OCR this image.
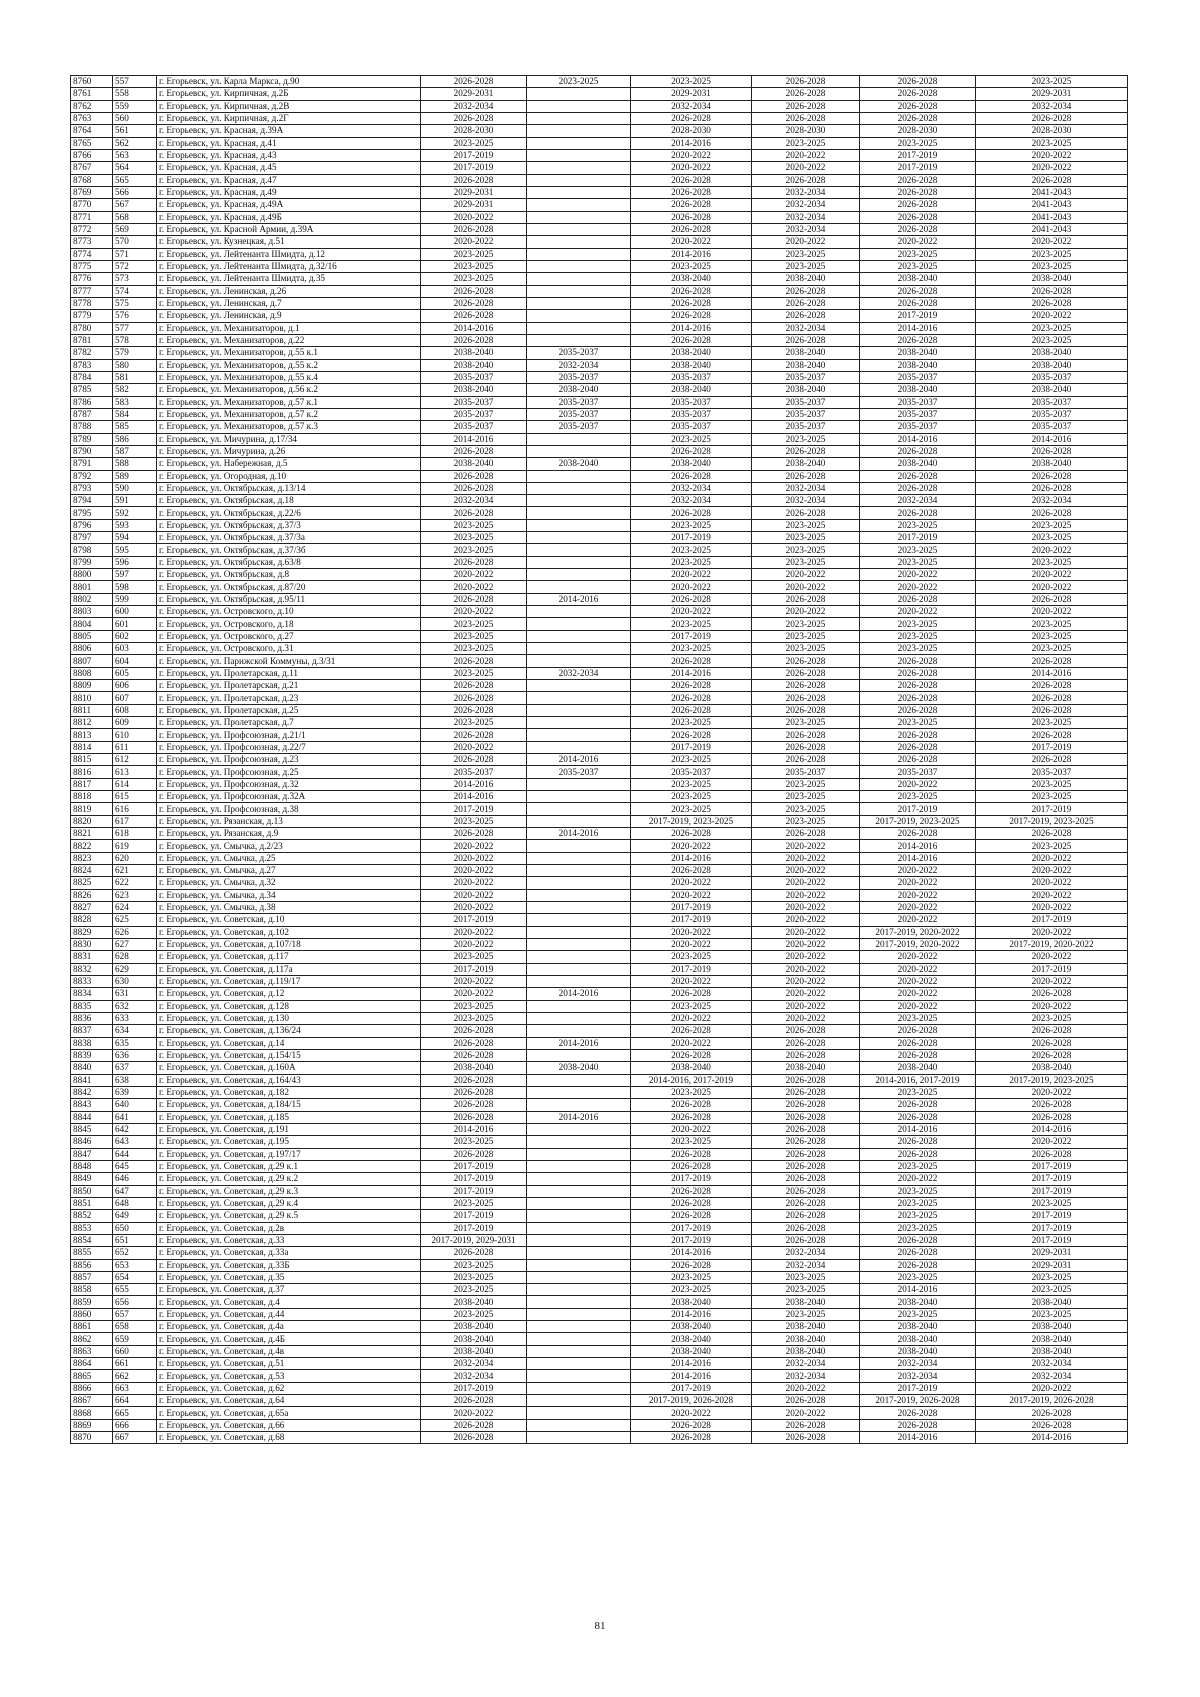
8760	557	г. Егорьевск, ул. Карла Маркса, д.90	2026-2028	2023-2025	2023-2025	2026-2028	2026-2028	2023-2025
8761	558	г. Егорьевск, ул. Кирпичная, д.2Б	2029-2031		2029-2031	2026-2028	2026-2028	2029-2031
8762	559	г. Егорьевск, ул. Кирпичная, д.2В	2032-2034		2032-2034	2026-2028	2026-2028	2032-2034
8763	560	г. Егорьевск, ул. Кирпичная, д.2Г	2026-2028		2026-2028	2026-2028	2026-2028	2026-2028
8764	561	г. Егорьевск, ул. Красная, д.39А	2028-2030		2028-2030	2028-2030	2028-2030	2028-2030
8765	562	г. Егорьевск, ул. Красная, д.41	2023-2025		2014-2016	2023-2025	2023-2025	2023-2025
8766	563	г. Егорьевск, ул. Красная, д.43	2017-2019		2020-2022	2020-2022	2017-2019	2020-2022
8767	564	г. Егорьевск, ул. Красная, д.45	2017-2019		2020-2022	2020-2022	2017-2019	2020-2022
8768	565	г. Егорьевск, ул. Красная, д.47	2026-2028		2026-2028	2026-2028	2026-2028	2026-2028
8769	566	г. Егорьевск, ул. Красная, д.49	2029-2031		2026-2028	2032-2034	2026-2028	2041-2043
8770	567	г. Егорьевск, ул. Красная, д.49А	2029-2031		2026-2028	2032-2034	2026-2028	2041-2043
8771	568	г. Егорьевск, ул. Красная, д.49Б	2020-2022		2026-2028	2032-2034	2026-2028	2041-2043
8772	569	г. Егорьевск, ул. Красной Армии, д.39А	2026-2028		2026-2028	2032-2034	2026-2028	2041-2043
8773	570	г. Егорьевск, ул. Кузнецкая, д.51	2020-2022		2020-2022	2020-2022	2020-2022	2020-2022
8774	571	г. Егорьевск, ул. Лейтенанта Шмидта, д.12	2023-2025		2014-2016	2023-2025	2023-2025	2023-2025
8775	572	г. Егорьевск, ул. Лейтенанта Шмидта, д.32/16	2023-2025		2023-2025	2023-2025	2023-2025	2023-2025
8776	573	г. Егорьевск, ул. Лейтенанта Шмидта, д.35	2023-2025		2038-2040	2038-2040	2038-2040	2038-2040
8777	574	г. Егорьевск, ул. Ленинская, д.26	2026-2028		2026-2028	2026-2028	2026-2028	2026-2028
8778	575	г. Егорьевск, ул. Ленинская, д.7	2026-2028		2026-2028	2026-2028	2026-2028	2026-2028
8779	576	г. Егорьевск, ул. Ленинская, д.9	2026-2028		2026-2028	2026-2028	2017-2019	2020-2022
8780	577	г. Егорьевск, ул. Механизаторов, д.1	2014-2016		2014-2016	2032-2034	2014-2016	2023-2025
8781	578	г. Егорьевск, ул. Механизаторов, д.22	2026-2028		2026-2028	2026-2028	2026-2028	2023-2025
8782	579	г. Егорьевск, ул. Механизаторов, д.55 к.1	2038-2040	2035-2037	2038-2040	2038-2040	2038-2040	2038-2040
8783	580	г. Егорьевск, ул. Механизаторов, д.55 к.2	2038-2040	2032-2034	2038-2040	2038-2040	2038-2040	2038-2040
8784	581	г. Егорьевск, ул. Механизаторов, д.55 к.4	2035-2037	2035-2037	2035-2037	2035-2037	2035-2037	2035-2037
8785	582	г. Егорьевск, ул. Механизаторов, д.56 к.2	2038-2040	2038-2040	2038-2040	2038-2040	2038-2040	2038-2040
8786	583	г. Егорьевск, ул. Механизаторов, д.57 к.1	2035-2037	2035-2037	2035-2037	2035-2037	2035-2037	2035-2037
8787	584	г. Егорьевск, ул. Механизаторов, д.57 к.2	2035-2037	2035-2037	2035-2037	2035-2037	2035-2037	2035-2037
8788	585	г. Егорьевск, ул. Механизаторов, д.57 к.3	2035-2037	2035-2037	2035-2037	2035-2037	2035-2037	2035-2037
8789	586	г. Егорьевск, ул. Мичурина, д.17/34	2014-2016		2023-2025	2023-2025	2014-2016	2014-2016
8790	587	г. Егорьевск, ул. Мичурина, д.26	2026-2028		2026-2028	2026-2028	2026-2028	2026-2028
8791	588	г. Егорьевск, ул. Набережная, д.5	2038-2040	2038-2040	2038-2040	2038-2040	2038-2040	2038-2040
8792	589	г. Егорьевск, ул. Огородная, д.10	2026-2028		2026-2028	2026-2028	2026-2028	2026-2028
8793	590	г. Егорьевск, ул. Октябрьская, д.13/14	2026-2028		2032-2034	2032-2034	2026-2028	2026-2028
8794	591	г. Егорьевск, ул. Октябрьская, д.18	2032-2034		2032-2034	2032-2034	2032-2034	2032-2034
8795	592	г. Егорьевск, ул. Октябрьская, д.22/6	2026-2028		2026-2028	2026-2028	2026-2028	2026-2028
8796	593	г. Егорьевск, ул. Октябрьская, д.37/3	2023-2025		2023-2025	2023-2025	2023-2025	2023-2025
8797	594	г. Егорьевск, ул. Октябрьская, д.37/3а	2023-2025		2017-2019	2023-2025	2017-2019	2023-2025
8798	595	г. Егорьевск, ул. Октябрьская, д.37/3б	2023-2025		2023-2025	2023-2025	2023-2025	2020-2022
8799	596	г. Егорьевск, ул. Октябрьская, д.63/8	2026-2028		2023-2025	2023-2025	2023-2025	2023-2025
8800	597	г. Егорьевск, ул. Октябрьская, д.8	2020-2022		2020-2022	2020-2022	2020-2022	2020-2022
8801	598	г. Егорьевск, ул. Октябрьская, д.87/20	2020-2022		2020-2022	2020-2022	2020-2022	2020-2022
8802	599	г. Егорьевск, ул. Октябрьская, д.95/11	2026-2028	2014-2016	2026-2028	2026-2028	2026-2028	2026-2028
8803	600	г. Егорьевск, ул. Островского, д.10	2020-2022		2020-2022	2020-2022	2020-2022	2020-2022
8804	601	г. Егорьевск, ул. Островского, д.18	2023-2025		2023-2025	2023-2025	2023-2025	2023-2025
8805	602	г. Егорьевск, ул. Островского, д.27	2023-2025		2017-2019	2023-2025	2023-2025	2023-2025
8806	603	г. Егорьевск, ул. Островского, д.31	2023-2025		2023-2025	2023-2025	2023-2025	2023-2025
8807	604	г. Егорьевск, ул. Парижской Коммуны, д.3/31	2026-2028		2026-2028	2026-2028	2026-2028	2026-2028
8808	605	г. Егорьевск, ул. Пролетарская, д.11	2023-2025	2032-2034	2014-2016	2026-2028	2026-2028	2014-2016
8809	606	г. Егорьевск, ул. Пролетарская, д.21	2026-2028		2026-2028	2026-2028	2026-2028	2026-2028
8810	607	г. Егорьевск, ул. Пролетарская, д.23	2026-2028		2026-2028	2026-2028	2026-2028	2026-2028
8811	608	г. Егорьевск, ул. Пролетарская, д.25	2026-2028		2026-2028	2026-2028	2026-2028	2026-2028
8812	609	г. Егорьевск, ул. Пролетарская, д.7	2023-2025		2023-2025	2023-2025	2023-2025	2023-2025
8813	610	г. Егорьевск, ул. Профсоюзная, д.21/1	2026-2028		2026-2028	2026-2028	2026-2028	2026-2028
8814	611	г. Егорьевск, ул. Профсоюзная, д.22/7	2020-2022		2017-2019	2026-2028	2026-2028	2017-2019
8815	612	г. Егорьевск, ул. Профсоюзная, д.23	2026-2028	2014-2016	2023-2025	2026-2028	2026-2028	2026-2028
8816	613	г. Егорьевск, ул. Профсоюзная, д.25	2035-2037	2035-2037	2035-2037	2035-2037	2035-2037	2035-2037
8817	614	г. Егорьевск, ул. Профсоюзная, д.32	2014-2016		2023-2025	2023-2025	2020-2022	2023-2025
8818	615	г. Егорьевск, ул. Профсоюзная, д.32А	2014-2016		2023-2025	2023-2025	2023-2025	2023-2025
8819	616	г. Егорьевск, ул. Профсоюзная, д.38	2017-2019		2023-2025	2023-2025	2017-2019	2017-2019
8820	617	г. Егорьевск, ул. Рязанская, д.13	2023-2025		2017-2019, 2023-2025	2023-2025	2017-2019, 2023-2025	2017-2019, 2023-2025
8821	618	г. Егорьевск, ул. Рязанская, д.9	2026-2028	2014-2016	2026-2028	2026-2028	2026-2028	2026-2028
8822	619	г. Егорьевск, ул. Смычка, д.2/23	2020-2022		2020-2022	2020-2022	2014-2016	2023-2025
8823	620	г. Егорьевск, ул. Смычка, д.25	2020-2022		2014-2016	2020-2022	2014-2016	2020-2022
8824	621	г. Егорьевск, ул. Смычка, д.27	2020-2022		2026-2028	2020-2022	2020-2022	2020-2022
8825	622	г. Егорьевск, ул. Смычка, д.32	2020-2022		2020-2022	2020-2022	2020-2022	2020-2022
8826	623	г. Егорьевск, ул. Смычка, д.34	2020-2022		2020-2022	2020-2022	2020-2022	2020-2022
8827	624	г. Егорьевск, ул. Смычка, д.38	2020-2022		2017-2019	2020-2022	2020-2022	2020-2022
8828	625	г. Егорьевск, ул. Советская, д.10	2017-2019		2017-2019	2020-2022	2020-2022	2017-2019
8829	626	г. Егорьевск, ул. Советская, д.102	2020-2022		2020-2022	2020-2022	2017-2019, 2020-2022	2020-2022
8830	627	г. Егорьевск, ул. Советская, д.107/18	2020-2022		2020-2022	2020-2022	2017-2019, 2020-2022	2017-2019, 2020-2022
8831	628	г. Егорьевск, ул. Советская, д.117	2023-2025		2023-2025	2020-2022	2020-2022	2020-2022
8832	629	г. Егорьевск, ул. Советская, д.117а	2017-2019		2017-2019	2020-2022	2020-2022	2017-2019
8833	630	г. Егорьевск, ул. Советская, д.119/17	2020-2022		2020-2022	2020-2022	2020-2022	2020-2022
8834	631	г. Егорьевск, ул. Советская, д.12	2020-2022	2014-2016	2026-2028	2020-2022	2020-2022	2026-2028
8835	632	г. Егорьевск, ул. Советская, д.128	2023-2025		2023-2025	2020-2022	2020-2022	2020-2022
8836	633	г. Егорьевск, ул. Советская, д.130	2023-2025		2020-2022	2020-2022	2023-2025	2023-2025
8837	634	г. Егорьевск, ул. Советская, д.136/24	2026-2028		2026-2028	2026-2028	2026-2028	2026-2028
8838	635	г. Егорьевск, ул. Советская, д.14	2026-2028	2014-2016	2020-2022	2026-2028	2026-2028	2026-2028
8839	636	г. Егорьевск, ул. Советская, д.154/15	2026-2028		2026-2028	2026-2028	2026-2028	2026-2028
8840	637	г. Егорьевск, ул. Советская, д.160А	2038-2040	2038-2040	2038-2040	2038-2040	2038-2040	2038-2040
8841	638	г. Егорьевск, ул. Советская, д.164/43	2026-2028		2014-2016, 2017-2019	2026-2028	2014-2016, 2017-2019	2017-2019, 2023-2025
8842	639	г. Егорьевск, ул. Советская, д.182	2026-2028		2023-2025	2026-2028	2023-2025	2020-2022
8843	640	г. Егорьевск, ул. Советская, д.184/15	2026-2028		2026-2028	2026-2028	2026-2028	2026-2028
8844	641	г. Егорьевск, ул. Советская, д.185	2026-2028	2014-2016	2026-2028	2026-2028	2026-2028	2026-2028
8845	642	г. Егорьевск, ул. Советская, д.191	2014-2016		2020-2022	2026-2028	2014-2016	2014-2016
8846	643	г. Егорьевск, ул. Советская, д.195	2023-2025		2023-2025	2026-2028	2026-2028	2020-2022
8847	644	г. Егорьевск, ул. Советская, д.197/17	2026-2028		2026-2028	2026-2028	2026-2028	2026-2028
8848	645	г. Егорьевск, ул. Советская, д.29 к.1	2017-2019		2026-2028	2026-2028	2023-2025	2017-2019
8849	646	г. Егорьевск, ул. Советская, д.29 к.2	2017-2019		2017-2019	2026-2028	2020-2022	2017-2019
8850	647	г. Егорьевск, ул. Советская, д.29 к.3	2017-2019		2026-2028	2026-2028	2023-2025	2017-2019
8851	648	г. Егорьевск, ул. Советская, д.29 к.4	2023-2025		2026-2028	2026-2028	2023-2025	2023-2025
8852	649	г. Егорьевск, ул. Советская, д.29 к.5	2017-2019		2026-2028	2026-2028	2023-2025	2017-2019
8853	650	г. Егорьевск, ул. Советская, д.2в	2017-2019		2017-2019	2026-2028	2023-2025	2017-2019
8854	651	г. Егорьевск, ул. Советская, д.33	2017-2019, 2029-2031		2017-2019	2026-2028	2026-2028	2017-2019
8855	652	г. Егорьевск, ул. Советская, д.33а	2026-2028		2014-2016	2032-2034	2026-2028	2029-2031
8856	653	г. Егорьевск, ул. Советская, д.33Б	2023-2025		2026-2028	2032-2034	2026-2028	2029-2031
8857	654	г. Егорьевск, ул. Советская, д.35	2023-2025		2023-2025	2023-2025	2023-2025	2023-2025
8858	655	г. Егорьевск, ул. Советская, д.37	2023-2025		2023-2025	2023-2025	2014-2016	2023-2025
8859	656	г. Егорьевск, ул. Советская, д.4	2038-2040		2038-2040	2038-2040	2038-2040	2038-2040
8860	657	г. Егорьевск, ул. Советская, д.44	2023-2025		2014-2016	2023-2025	2023-2025	2023-2025
8861	658	г. Егорьевск, ул. Советская, д.4а	2038-2040		2038-2040	2038-2040	2038-2040	2038-2040
8862	659	г. Егорьевск, ул. Советская, д.4Б	2038-2040		2038-2040	2038-2040	2038-2040	2038-2040
8863	660	г. Егорьевск, ул. Советская, д.4в	2038-2040		2038-2040	2038-2040	2038-2040	2038-2040
8864	661	г. Егорьевск, ул. Советская, д.51	2032-2034		2014-2016	2032-2034	2032-2034	2032-2034
8865	662	г. Егорьевск, ул. Советская, д.53	2032-2034		2014-2016	2032-2034	2032-2034	2032-2034
8866	663	г. Егорьевск, ул. Советская, д.62	2017-2019		2017-2019	2020-2022	2017-2019	2020-2022
8867	664	г. Егорьевск, ул. Советская, д.64	2026-2028		2017-2019, 2026-2028	2026-2028	2017-2019, 2026-2028	2017-2019, 2026-2028
8868	665	г. Егорьевск, ул. Советская, д.65а	2020-2022		2020-2022	2020-2022	2026-2028	2026-2028
8869	666	г. Егорьевск, ул. Советская, д.66	2026-2028		2026-2028	2026-2028	2026-2028	2026-2028
8870	667	г. Егорьевск, ул. Советская, д.68	2026-2028		2026-2028	2026-2028	2014-2016	2014-2016
81
